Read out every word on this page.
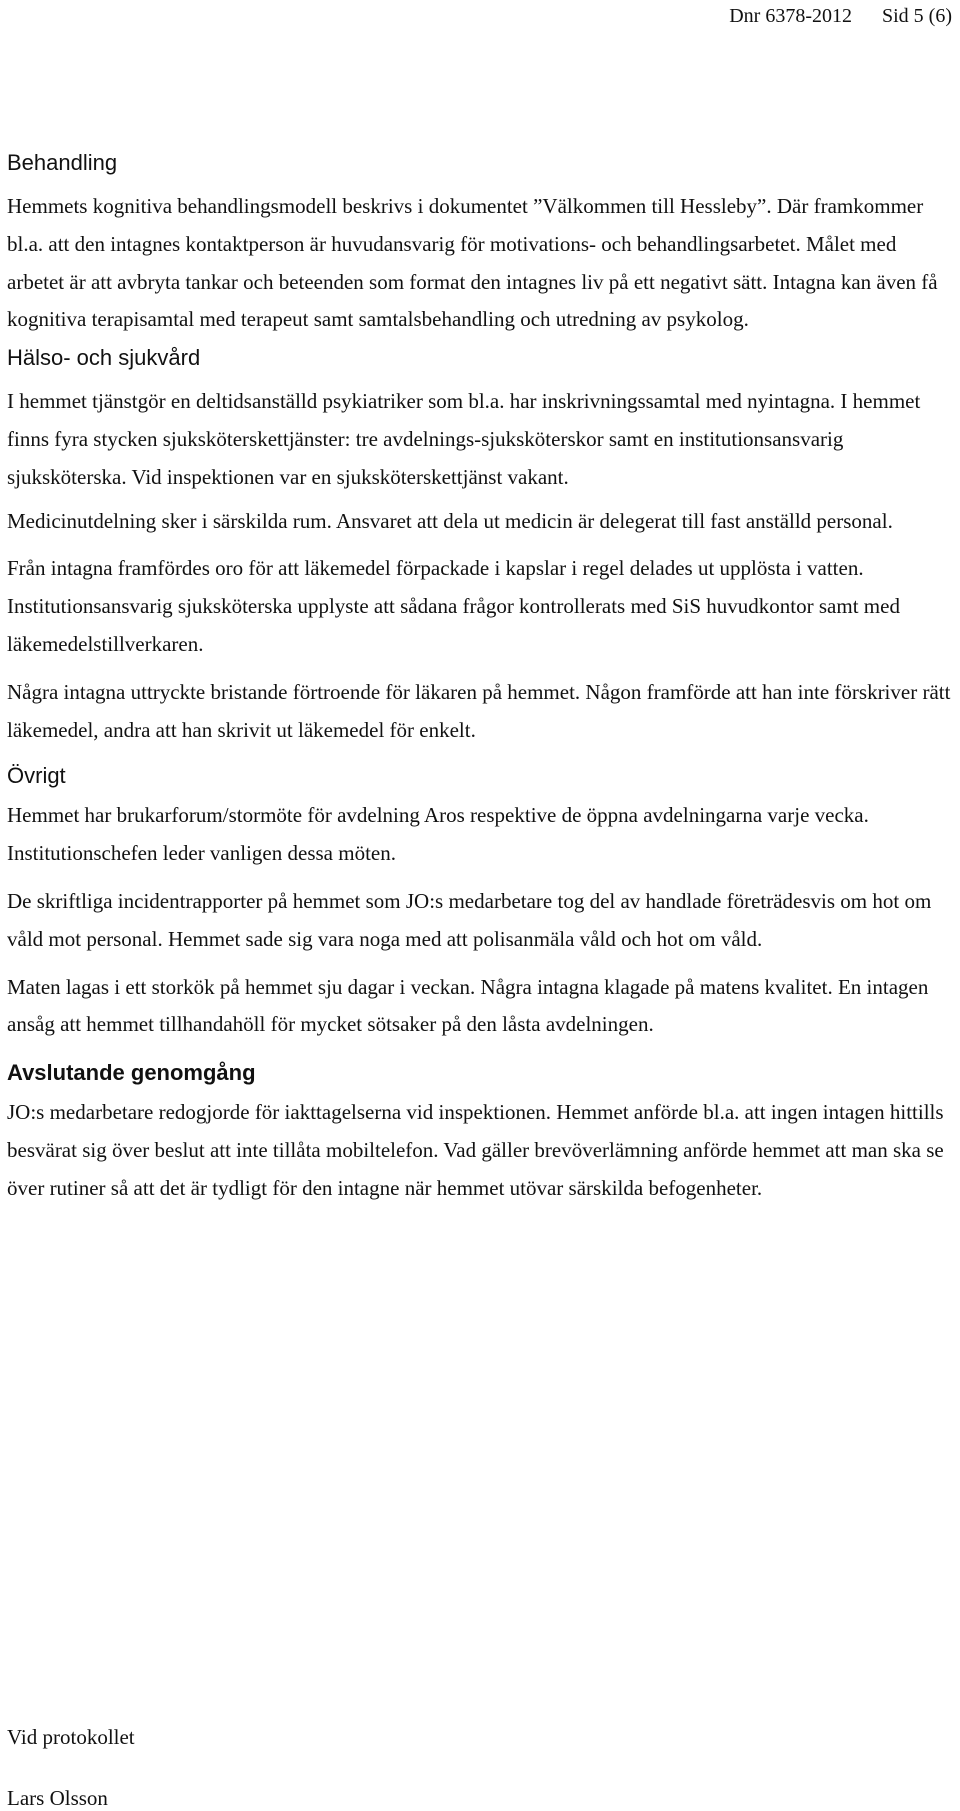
Dnr 6378-2012 Sid 5 (6)
Behandling

Hemmets kognitiva behandlingsmodell beskrivs i dokumentet ”Välkommen till Hessleby”. Där framkommer bl.a. att den intagnes kontaktperson är huvudansvarig för motivations- och behandlingsarbetet. Målet med arbetet är att avbryta tankar och beteenden som format den intagnes liv på ett negativt sätt. Intagna kan även få kognitiva terapisamtal med terapeut samt samtalsbehandling och utredning av psykolog.

Hälso- och sjukvård

I hemmet tjänstgör en deltidsanställd psykiatriker som bl.a. har inskrivningssamtal med nyintagna. I hemmet finns fyra stycken sjuksköterskettjänster: tre avdelnings-sjuksköterskor samt en institutionsansvarig sjuksköterska. Vid inspektionen var en sjuksköterskettjänst vakant.

Medicinutdelning sker i särskilda rum. Ansvaret att dela ut medicin är delegerat till fast anställd personal.

Från intagna framfördes oro för att läkemedel förpackade i kapslar i regel delades ut upplösta i vatten. Institutionsansvarig sjuksköterska upplyste att sådana frågor kontrollerats med SiS huvudkontor samt med läkemedelstillverkaren.

Några intagna uttryckte bristande förtroende för läkaren på hemmet. Någon framförde att han inte förskriver rätt läkemedel, andra att han skrivit ut läkemedel för enkelt.

Övrigt

Hemmet har brukarforum/stormöte för avdelning Aros respektive de öppna avdelningarna varje vecka. Institutionschefen leder vanligen dessa möten.

De skriftliga incidentrapporter på hemmet som JO:s medarbetare tog del av handlade företrädesvis om hot om våld mot personal. Hemmet sade sig vara noga med att polisanmäla våld och hot om våld.

Maten lagas i ett storkök på hemmet sju dagar i veckan. Några intagna klagade på matens kvalitet. En intagen ansåg att hemmet tillhandahöll för mycket sötsaker på den låsta avdelningen.

Avslutande genomgång

JO:s medarbetare redogjorde för iakttagelserna vid inspektionen. Hemmet anförde bl.a. att ingen intagen hittills besvärat sig över beslut att inte tillåta mobiltelefon. Vad gäller brevöverlämning anförde hemmet att man ska se över rutiner så att det är tydligt för den intagne när hemmet utövar särskilda befogenheter.

Vid protokollet

Lars Olsson
